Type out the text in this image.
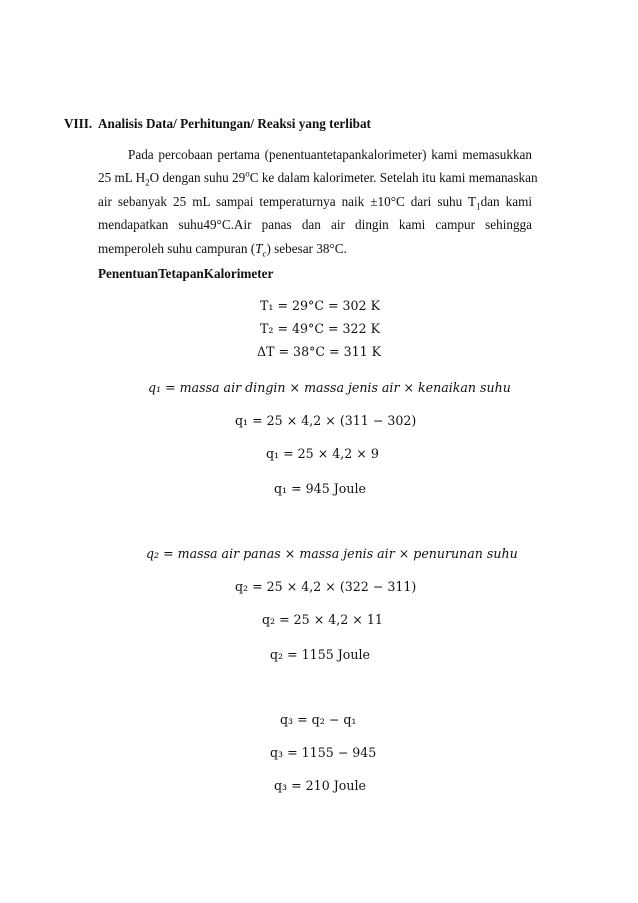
VIII. Analisis Data/ Perhitungan/ Reaksi yang terlibat
Pada percobaan pertama (penentuantetapankalorimeter) kami memasukkan
25 mL $H_2O$ dengan suhu 29$^o$C ke dalam kalorimeter. Setelah itu kami memanaskan
air sebanyak 25 mL sampai temperaturnya naik ±10°C dari suhu $T_1dan$ kami
mendapatkan suhu49°C.Air panas dan air dingin kami campur sehingga
memperoleh suhu campuran $(T_c)$ sebesar 38°C.
PenentuanTetapanKalorimeter
T₁ = 29°C = 302 K
T₂ = 49°C = 322 K
ΔT = 38°C = 311 K
q₁ = massa air dingin × massa jenis air × kenaikan suhu
q₁ = 25 × 4,2 × (311 − 302)
q₁ = 25 × 4,2 × 9
q₁ = 945 Joule
q₂ = massa air panas × massa jenis air × penurunan suhu
q₂ = 25 × 4,2 × (322 − 311)
q₂ = 25 × 4,2 × 11
q₂ = 1155 Joule
q₃ = q₂ − q₁
q₃ = 1155 − 945
q₃ = 210 Joule
